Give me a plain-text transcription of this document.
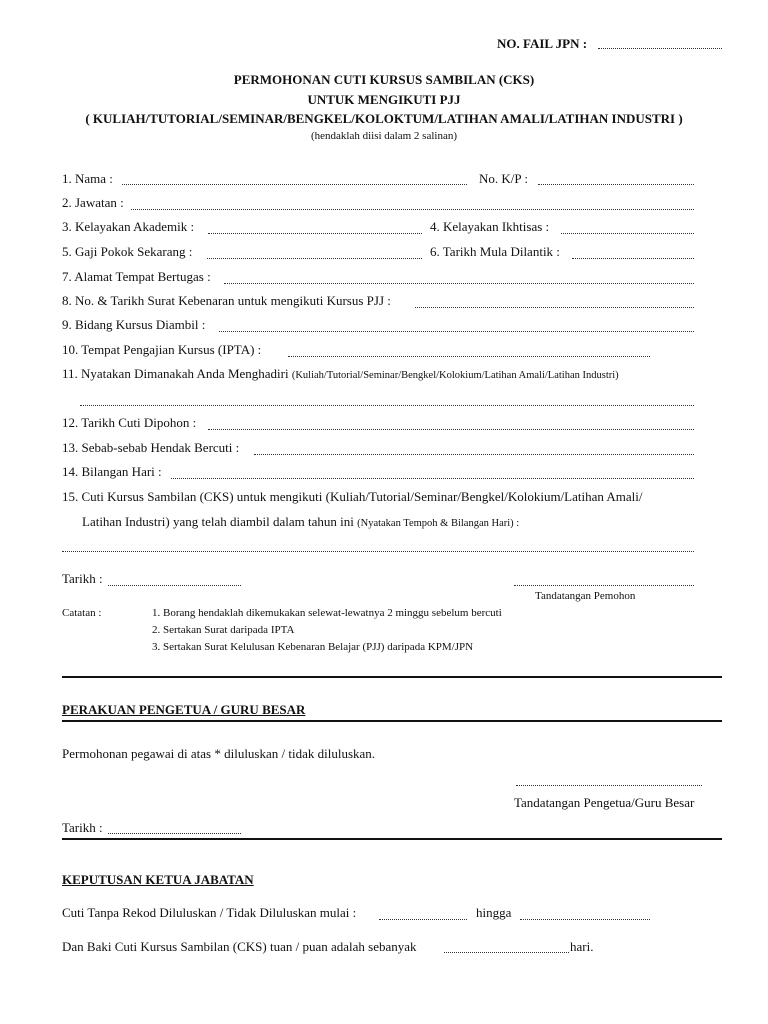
NO. FAIL JPN :
PERMOHONAN CUTI KURSUS SAMBILAN (CKS)
UNTUK MENGIKUTI PJJ
( KULIAH/TUTORIAL/SEMINAR/BENGKEL/KOLOKTUM/LATIHAN AMALI/LATIHAN INDUSTRI )
(hendaklah diisi dalam 2 salinan)
1. Nama :	No. K/P :
2. Jawatan :
3. Kelayakan Akademik :	4. Kelayakan Ikhtisas :
5. Gaji Pokok Sekarang :	6. Tarikh Mula Dilantik :
7. Alamat Tempat Bertugas :
8. No. & Tarikh Surat Kebenaran untuk mengikuti Kursus PJJ :
9. Bidang Kursus Diambil :
10. Tempat Pengajian Kursus (IPTA) :
11. Nyatakan Dimanakah Anda Menghadiri (Kuliah/Tutorial/Seminar/Bengkel/Kolokium/Latihan Amali/Latihan Industri)
12. Tarikh Cuti Dipohon :
13. Sebab-sebab Hendak Bercuti :
14. Bilangan Hari :
15. Cuti Kursus Sambilan (CKS) untuk mengikuti (Kuliah/Tutorial/Seminar/Bengkel/Kolokium/Latihan Amali/
Latihan Industri) yang telah diambil dalam tahun ini (Nyatakan Tempoh & Bilangan Hari) :
Tarikh :
Tandatangan Pemohon
Catatan :	1. Borang hendaklah dikemukakan selewat-lewatnya 2 minggu sebelum bercuti
2. Sertakan Surat daripada IPTA
3. Sertakan Surat Kelulusan Kebenaran Belajar (PJJ) daripada KPM/JPN
PERAKUAN PENGETUA / GURU BESAR
Permohonan pegawai di atas * diluluskan / tidak diluluskan.
Tandatangan Pengetua/Guru Besar
Tarikh :
KEPUTUSAN KETUA JABATAN
Cuti Tanpa Rekod Diluluskan / Tidak Diluluskan mulai :	hingga
Dan Baki Cuti Kursus Sambilan (CKS) tuan / puan adalah sebanyak	hari.
